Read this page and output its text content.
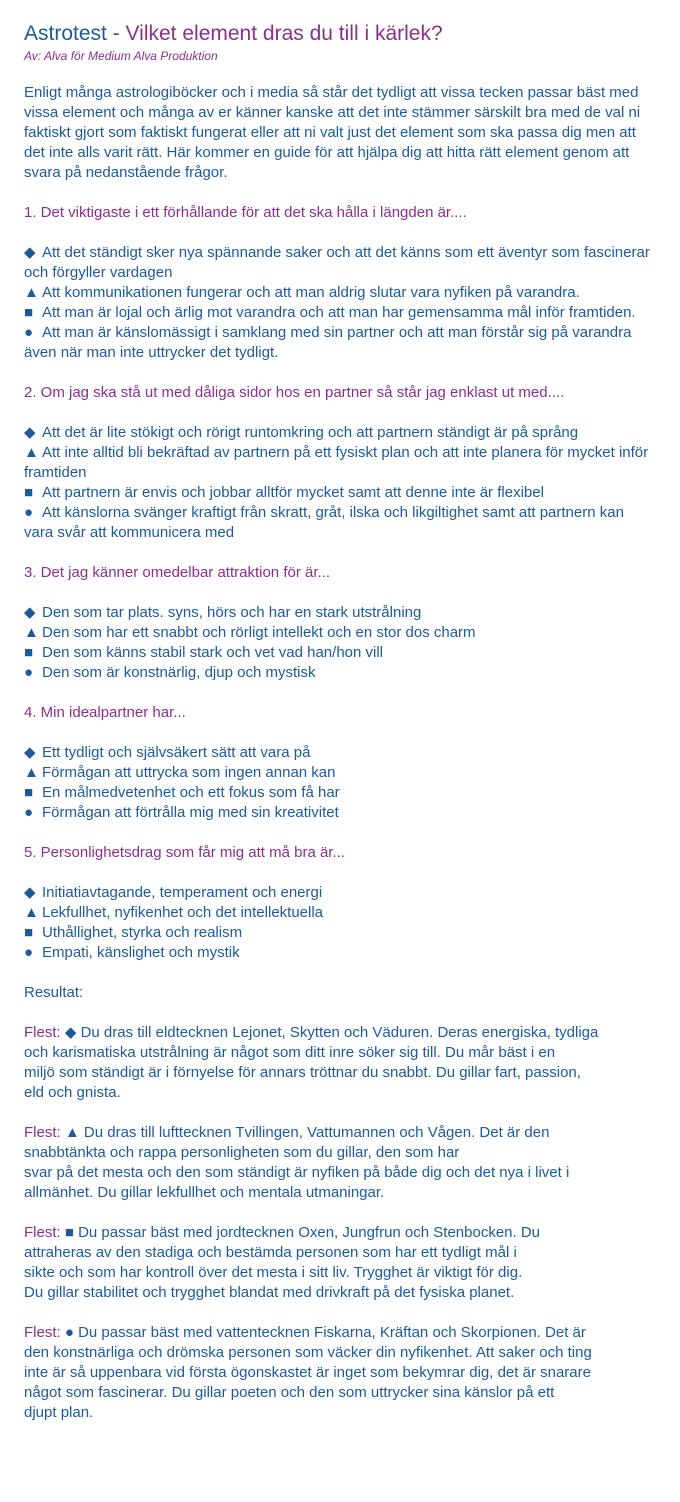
Astrotest - Vilket element dras du till i kärlek?
Av: Alva för Medium Alva Produktion
Enligt många astrologiböcker och i media så står det tydligt att vissa tecken passar bäst med vissa element och många av er känner kanske att det inte stämmer särskilt bra med de val ni faktiskt gjort som faktiskt fungerat eller att ni valt just det element som ska passa dig men att det inte alls varit rätt. Här kommer en guide för att hjälpa dig att hitta rätt element genom att svara på nedanstående frågor.
1. Det viktigaste i ett förhållande för att det ska hålla i längden är....
◆ Att det ständigt sker nya spännande saker och att det känns som ett äventyr som fascinerar och förgyller vardagen
▲ Att kommunikationen fungerar och att man aldrig slutar vara nyfiken på varandra.
■ Att man är lojal och ärlig mot varandra och att man har gemensamma mål inför framtiden.
● Att man är känslomässigt i samklang med sin partner och att man förstår sig på varandra även när man inte uttrycker det tydligt.
2. Om jag ska stå ut med dåliga sidor hos en partner så står jag enklast ut med....
◆ Att det är lite stökigt och rörigt runtomkring och att partnern ständigt är på språng
▲ Att inte alltid bli bekräftad av partnern på ett fysiskt plan och att inte planera för mycket inför framtiden
■ Att partnern är envis och jobbar alltför mycket samt att denne inte är flexibel
● Att känslorna svänger kraftigt från skratt, gråt, ilska och likgiltighet samt att partnern kan vara svår att kommunicera med
3. Det jag känner omedelbar attraktion för är...
◆ Den som tar plats. syns, hörs och har en stark utstrålning
▲ Den som har ett snabbt och rörligt intellekt och en stor dos charm
■ Den som känns stabil stark och vet vad han/hon vill
● Den som är konstnärlig, djup och mystisk
4. Min idealpartner har...
◆ Ett tydligt och självsäkert sätt att vara på
▲ Förmågan att uttrycka som ingen annan kan
■ En målmedvetenhet och ett fokus som få har
● Förmågan att förtrålla mig med sin kreativitet
5. Personlighetsdrag som får mig att må bra är...
◆ Initiatiavtagande, temperament och energi
▲ Lekfullhet, nyfikenhet och det intellektuella
■ Uthållighet, styrka och realism
● Empati, känslighet och mystik
Resultat:
Flest: ◆ Du dras till eldtecknen Lejonet, Skytten och Väduren. Deras energiska, tydliga
och karismatiska utstrålning är något som ditt inre söker sig till. Du mår bäst i en
miljö som ständigt är i förnyelse för annars tröttnar du snabbt. Du gillar fart, passion,
eld och gnista.
Flest: ▲ Du dras till lufttecknen Tvillingen, Vattumannen och Vågen. Det är den
snabbtänkta och rappa personligheten som du gillar, den som har
svar på det mesta och den som ständigt är nyfiken på både dig och det nya i livet i
allmänhet. Du gillar lekfullhet och mentala utmaningar.
Flest: ■ Du passar bäst med jordtecknen Oxen, Jungfrun och Stenbocken. Du
attraheras av den stadiga och bestämda personen som har ett tydligt mål i
sikte och som har kontroll över det mesta i sitt liv. Trygghet är viktigt för dig.
Du gillar stabilitet och trygghet blandat med drivkraft på det fysiska planet.
Flest: ● Du passar bäst med vattentecknen Fiskarna, Kräftan och Skorpionen. Det är
den konstnärliga och drömska personen som väcker din nyfikenhet. Att saker och ting
inte är så uppenbara vid första ögonskastet är inget som bekymrar dig, det är snarare
något som fascinerar. Du gillar poeten och den som uttrycker sina känslor på ett
djupt plan.
